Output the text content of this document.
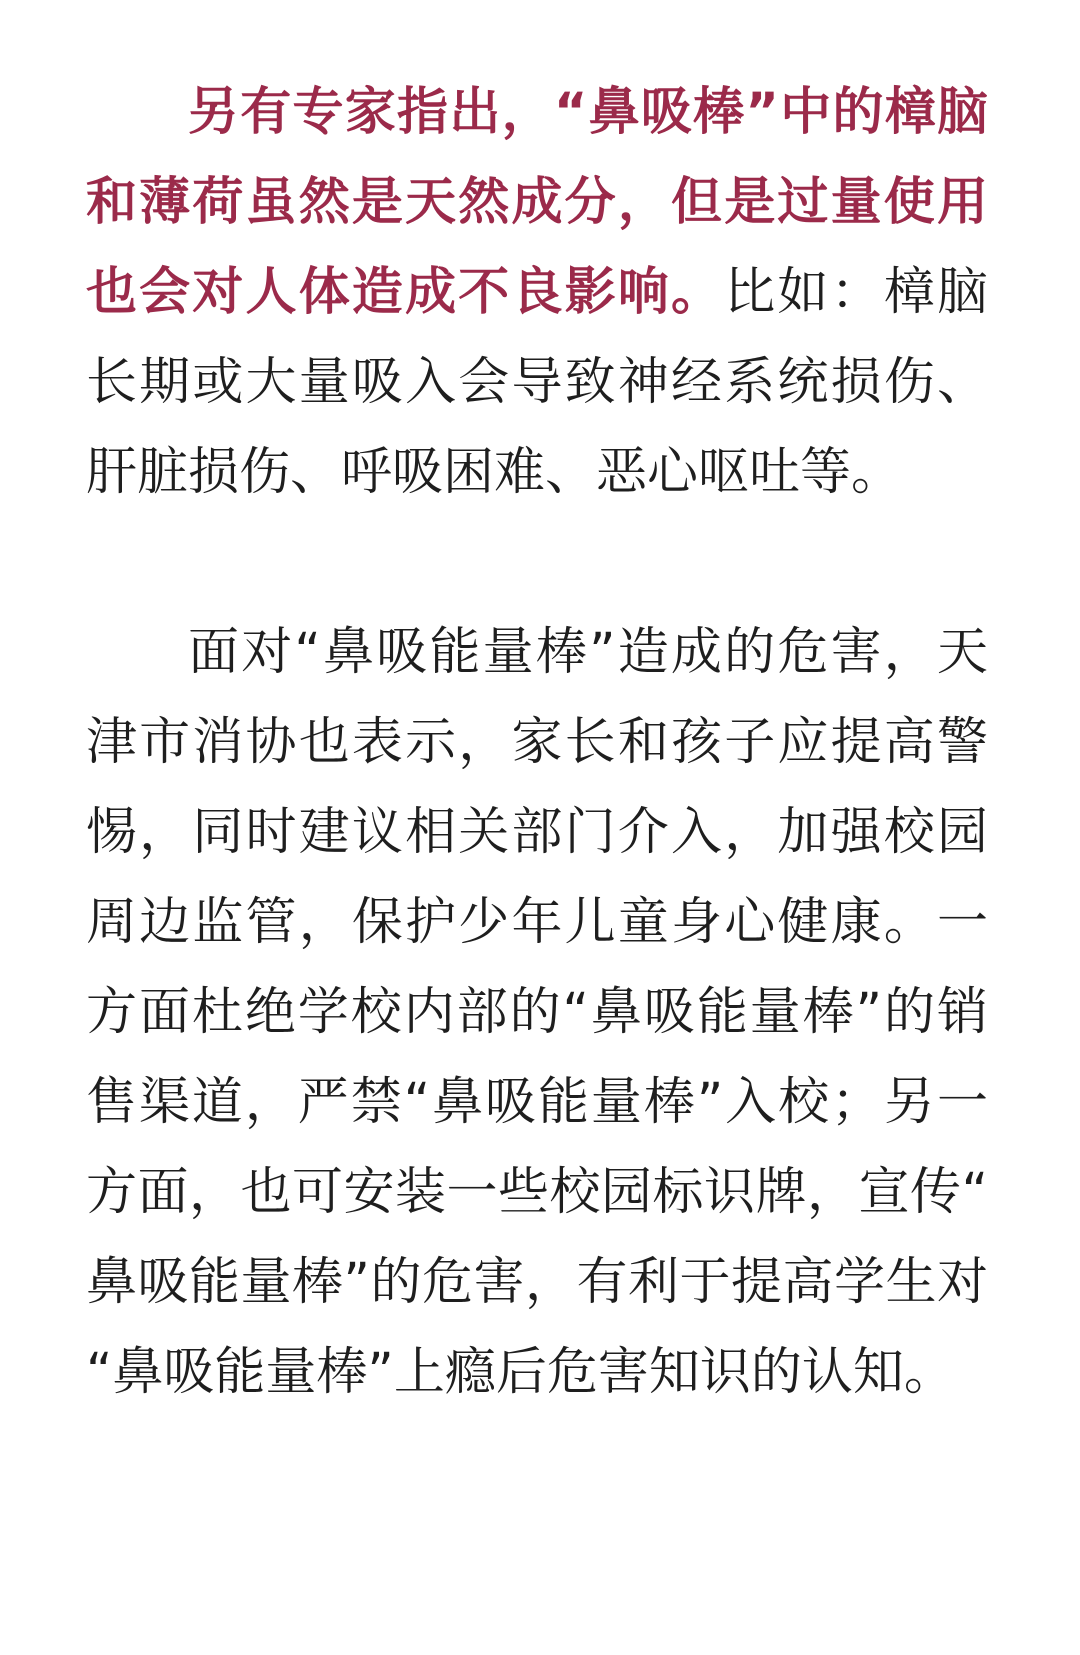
另有专家指出，“鼻吸棒”中的樟脑和薄荷虽然是天然成分，但是过量使用也会对人体造成不良影响。比如：樟脑长期或大量吸入会导致神经系统损伤、肝脏损伤、呼吸困难、恶心呕吐等。

面对“鼻吸能量棒”造成的危害，天津市消协也表示，家长和孩子应提高警惕，同时建议相关部门介入，加强校园周边监管，保护少年儿童身心健康。一方面杜绝学校内部的“鼻吸能量棒”的销售渠道，严禁“鼻吸能量棒”入校；另一方面，也可安装一些校园标识牌，宣传“鼻吸能量棒”的危害，有利于提高学生对“鼻吸能量棒”上瘾后危害知识的认知。
